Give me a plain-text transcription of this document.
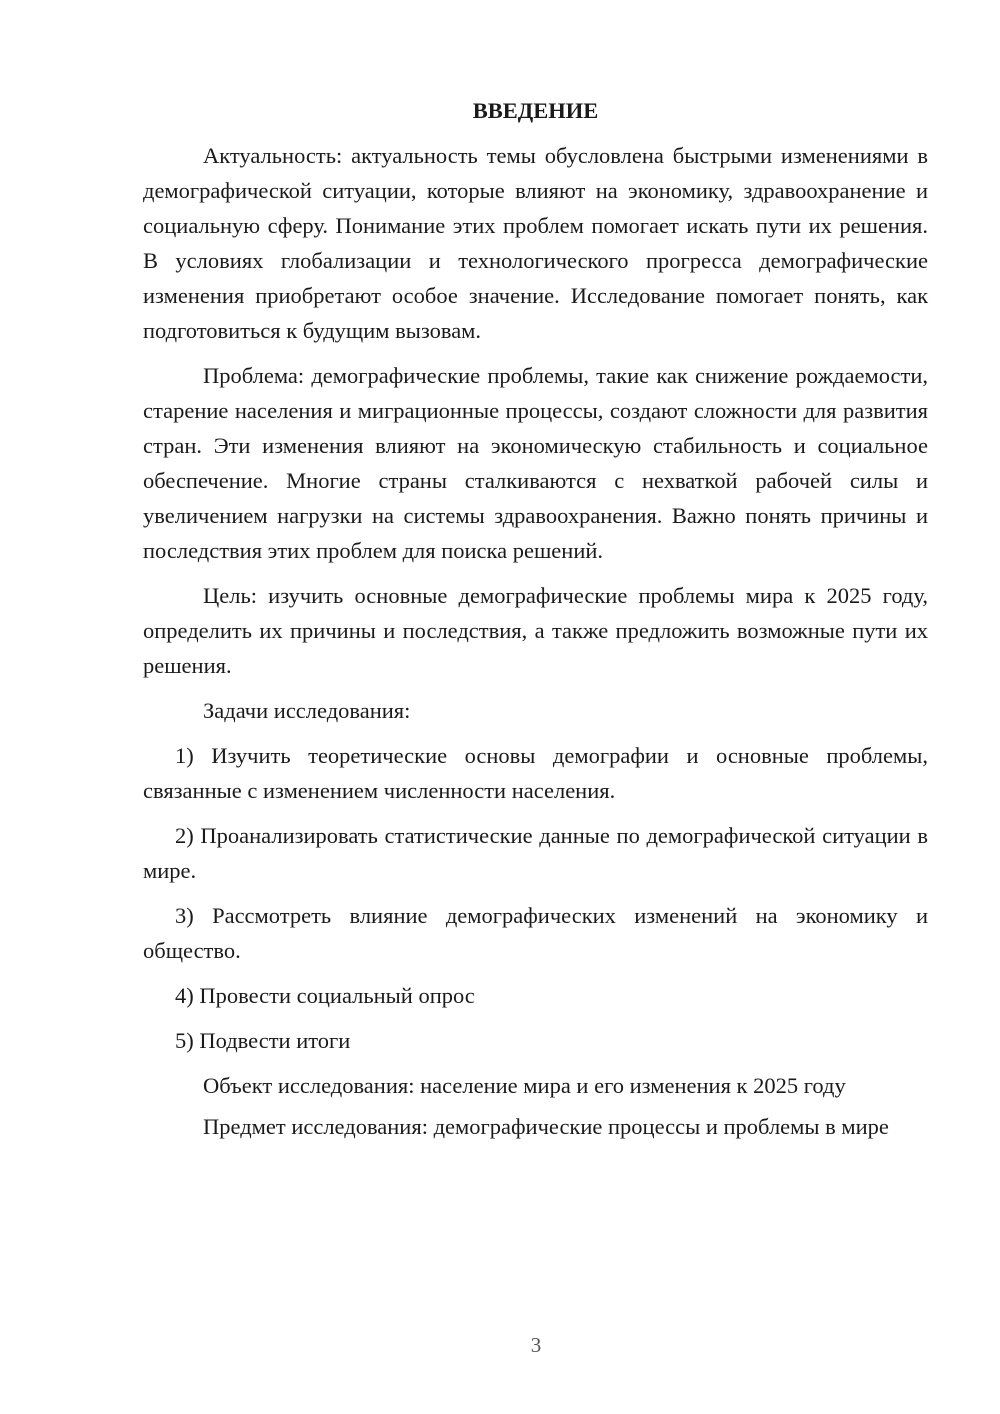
ВВЕДЕНИЕ

Актуальность: актуальность темы обусловлена быстрыми изменениями в демографической ситуации, которые влияют на экономику, здравоохранение и социальную сферу. Понимание этих проблем помогает искать пути их решения. В условиях глобализации и технологического прогресса демографические изменения приобретают особое значение. Исследование помогает понять, как подготовиться к будущим вызовам.

Проблема: демографические проблемы, такие как снижение рождаемости, старение населения и миграционные процессы, создают сложности для развития стран. Эти изменения влияют на экономическую стабильность и социальное обеспечение. Многие страны сталкиваются с нехваткой рабочей силы и увеличением нагрузки на системы здравоохранения. Важно понять причины и последствия этих проблем для поиска решений.

Цель: изучить основные демографические проблемы мира к 2025 году, определить их причины и последствия, а также предложить возможные пути их решения.

Задачи исследования:

1) Изучить теоретические основы демографии и основные проблемы, связанные с изменением численности населения.

2) Проанализировать статистические данные по демографической ситуации в мире.

3) Рассмотреть влияние демографических изменений на экономику и общество.

4) Провести социальный опрос

5) Подвести итоги

Объект исследования: население мира и его изменения к 2025 году

Предмет исследования: демографические процессы и проблемы в мире

3
